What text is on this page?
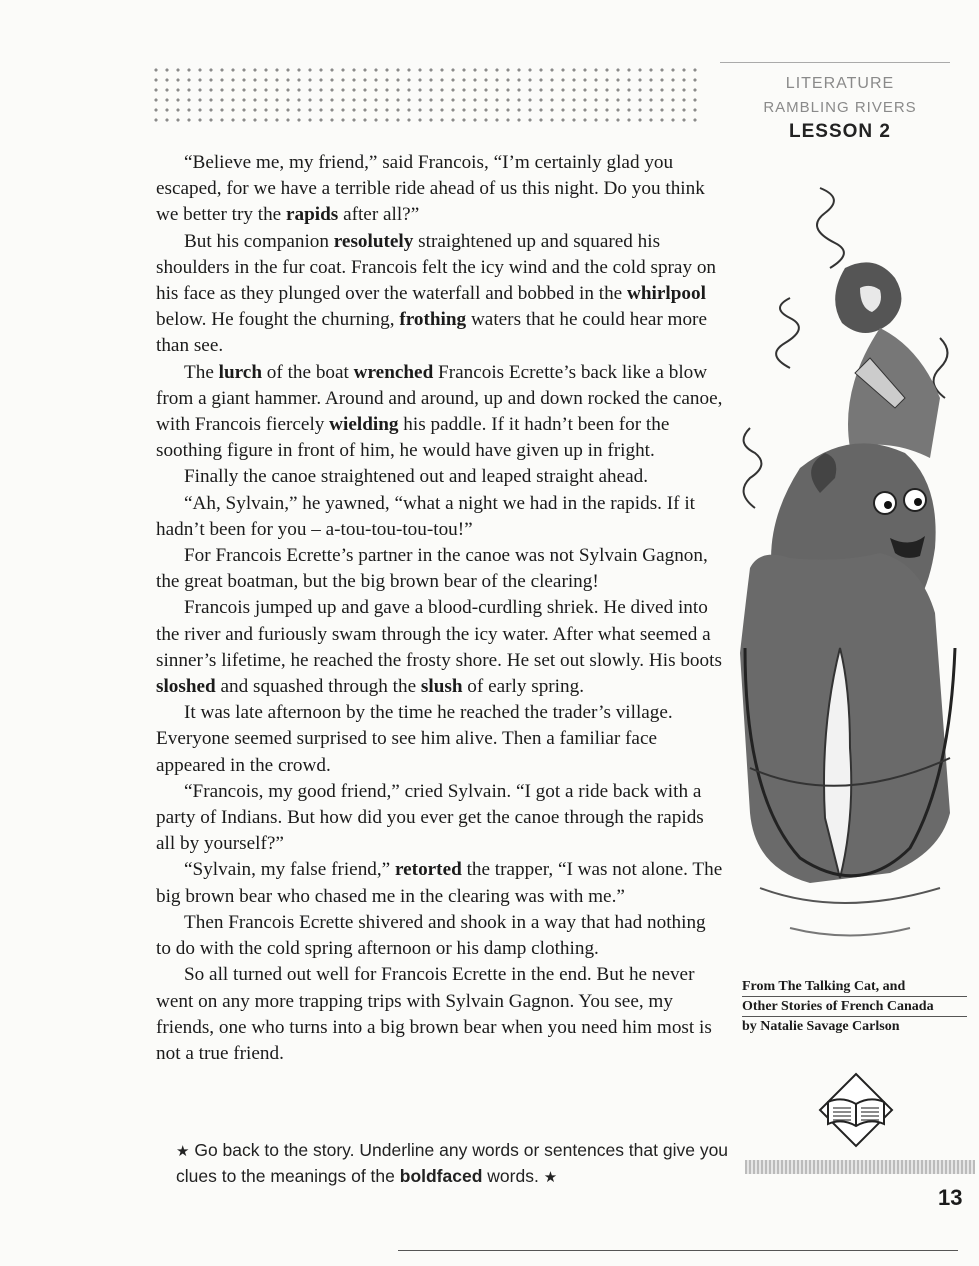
LITERATURE
RAMBLING RIVERS
LESSON 2

“Believe me, my friend,” said Francois, “I’m certainly glad you escaped, for we have a terrible ride ahead of us this night. Do you think we better try the rapids after all?”

But his companion resolutely straightened up and squared his shoulders in the fur coat. Francois felt the icy wind and the cold spray on his face as they plunged over the waterfall and bobbed in the whirlpool below. He fought the churning, frothing waters that he could hear more than see.

The lurch of the boat wrenched Francois Ecrette’s back like a blow from a giant hammer. Around and around, up and down rocked the canoe, with Francois fiercely wielding his paddle. If it hadn’t been for the soothing figure in front of him, he would have given up in fright.

Finally the canoe straightened out and leaped straight ahead.

“Ah, Sylvain,” he yawned, “what a night we had in the rapids. If it hadn’t been for you – a-tou-tou-tou-tou!”

For Francois Ecrette’s partner in the canoe was not Sylvain Gagnon, the great boatman, but the big brown bear of the clearing!

Francois jumped up and gave a blood-curdling shriek. He dived into the river and furiously swam through the icy water. After what seemed a sinner’s lifetime, he reached the frosty shore. He set out slowly. His boots sloshed and squashed through the slush of early spring.

It was late afternoon by the time he reached the trader’s village. Everyone seemed surprised to see him alive. Then a familiar face appeared in the crowd.

“Francois, my good friend,” cried Sylvain. “I got a ride back with a party of Indians. But how did you ever get the canoe through the rapids all by yourself?”

“Sylvain, my false friend,” retorted the trapper, “I was not alone. The big brown bear who chased me in the clearing was with me.”

Then Francois Ecrette shivered and shook in a way that had nothing to do with the cold spring afternoon or his damp clothing.

So all turned out well for Francois Ecrette in the end. But he never went on any more trapping trips with Sylvain Gagnon. You see, my friends, one who turns into a big brown bear when you need him most is not a true friend.

From The Talking Cat, and
Other Stories of French Canada
by Natalie Savage Carlson
13
★ Go back to the story. Underline any words or sentences that give you clues to the meanings of the boldfaced words. ★
